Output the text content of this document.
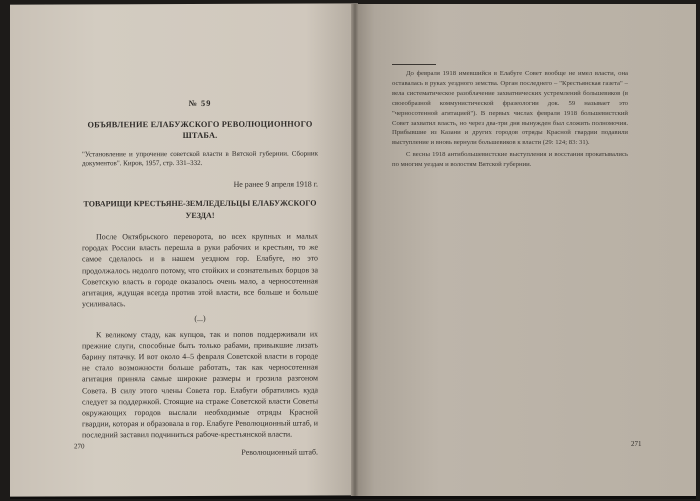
№ 59
ОБЪЯВЛЕНИЕ ЕЛАБУЖСКОГО РЕВОЛЮЦИОННОГО ШТАБА.

"Установление и упрочение советской власти в Вятской губернии. Сборник документов". Киров, 1957, стр. 331–332.

Не ранее 9 апреля 1918 г.
ТОВАРИЩИ КРЕСТЬЯНЕ-ЗЕМЛЕДЕЛЬЦЫ ЕЛАБУЖСКОГО УЕЗДА!

После Октябрьского переворота, во всех крупных и малых городах России власть перешла в руки рабочих и крестьян, то же самое сделалось и в нашем уездном гор. Елабуге, но это продолжалось недолго потому, что стойких и сознательных борцов за Советскую власть в городе оказалось очень мало, а черносотенная агитация, ждущая всегда против этой власти, все больше и больше усиливалась.

(...)

К великому стаду, как купцов, так и попов поддерживали их прежние слуги, способные быть только рабами, привыкшие лизать барину пятачку. И вот около 4–5 февраля Советской власти в городе не стало возможности больше работать, так как черносотенная агитация приняла самые широкие размеры и грозила разгоном Совета. В силу этого члены Совета гор. Елабуги обратились куда следует за поддержкой. Стоящие на страже Советской власти Советы окружающих городов выслали необходимые отряды Красной гвардии, которая и образовала в гор. Елабуге Революционный штаб, и последний заставил подчиниться рабоче-крестьянской власти.

Революционный штаб.
270

До февраля 1918 имевшийся в Елабуге Совет вообще не имел власти, она оставалась в руках уездного земства. Орган последнего – "Крестьянская газета" – вела систематическое разоблачение захватнических устремлений большевиков (в своеобразной коммунистической фразеологии док. 59 называет это "черносотенной агитацией"). В первых числах февраля 1918 большевистский Совет захватил власть, но через два-три дня вынужден был сложить полномочия. Прибывшие из Казани и других городов отряды Красной гвардии подавили выступление и вновь вернули большевиков к власти (29: 124; 83: 31).

С весны 1918 антибольшевистские выступления и восстания прокатывались по многим уездам и волостям Вятской губернии.

271
